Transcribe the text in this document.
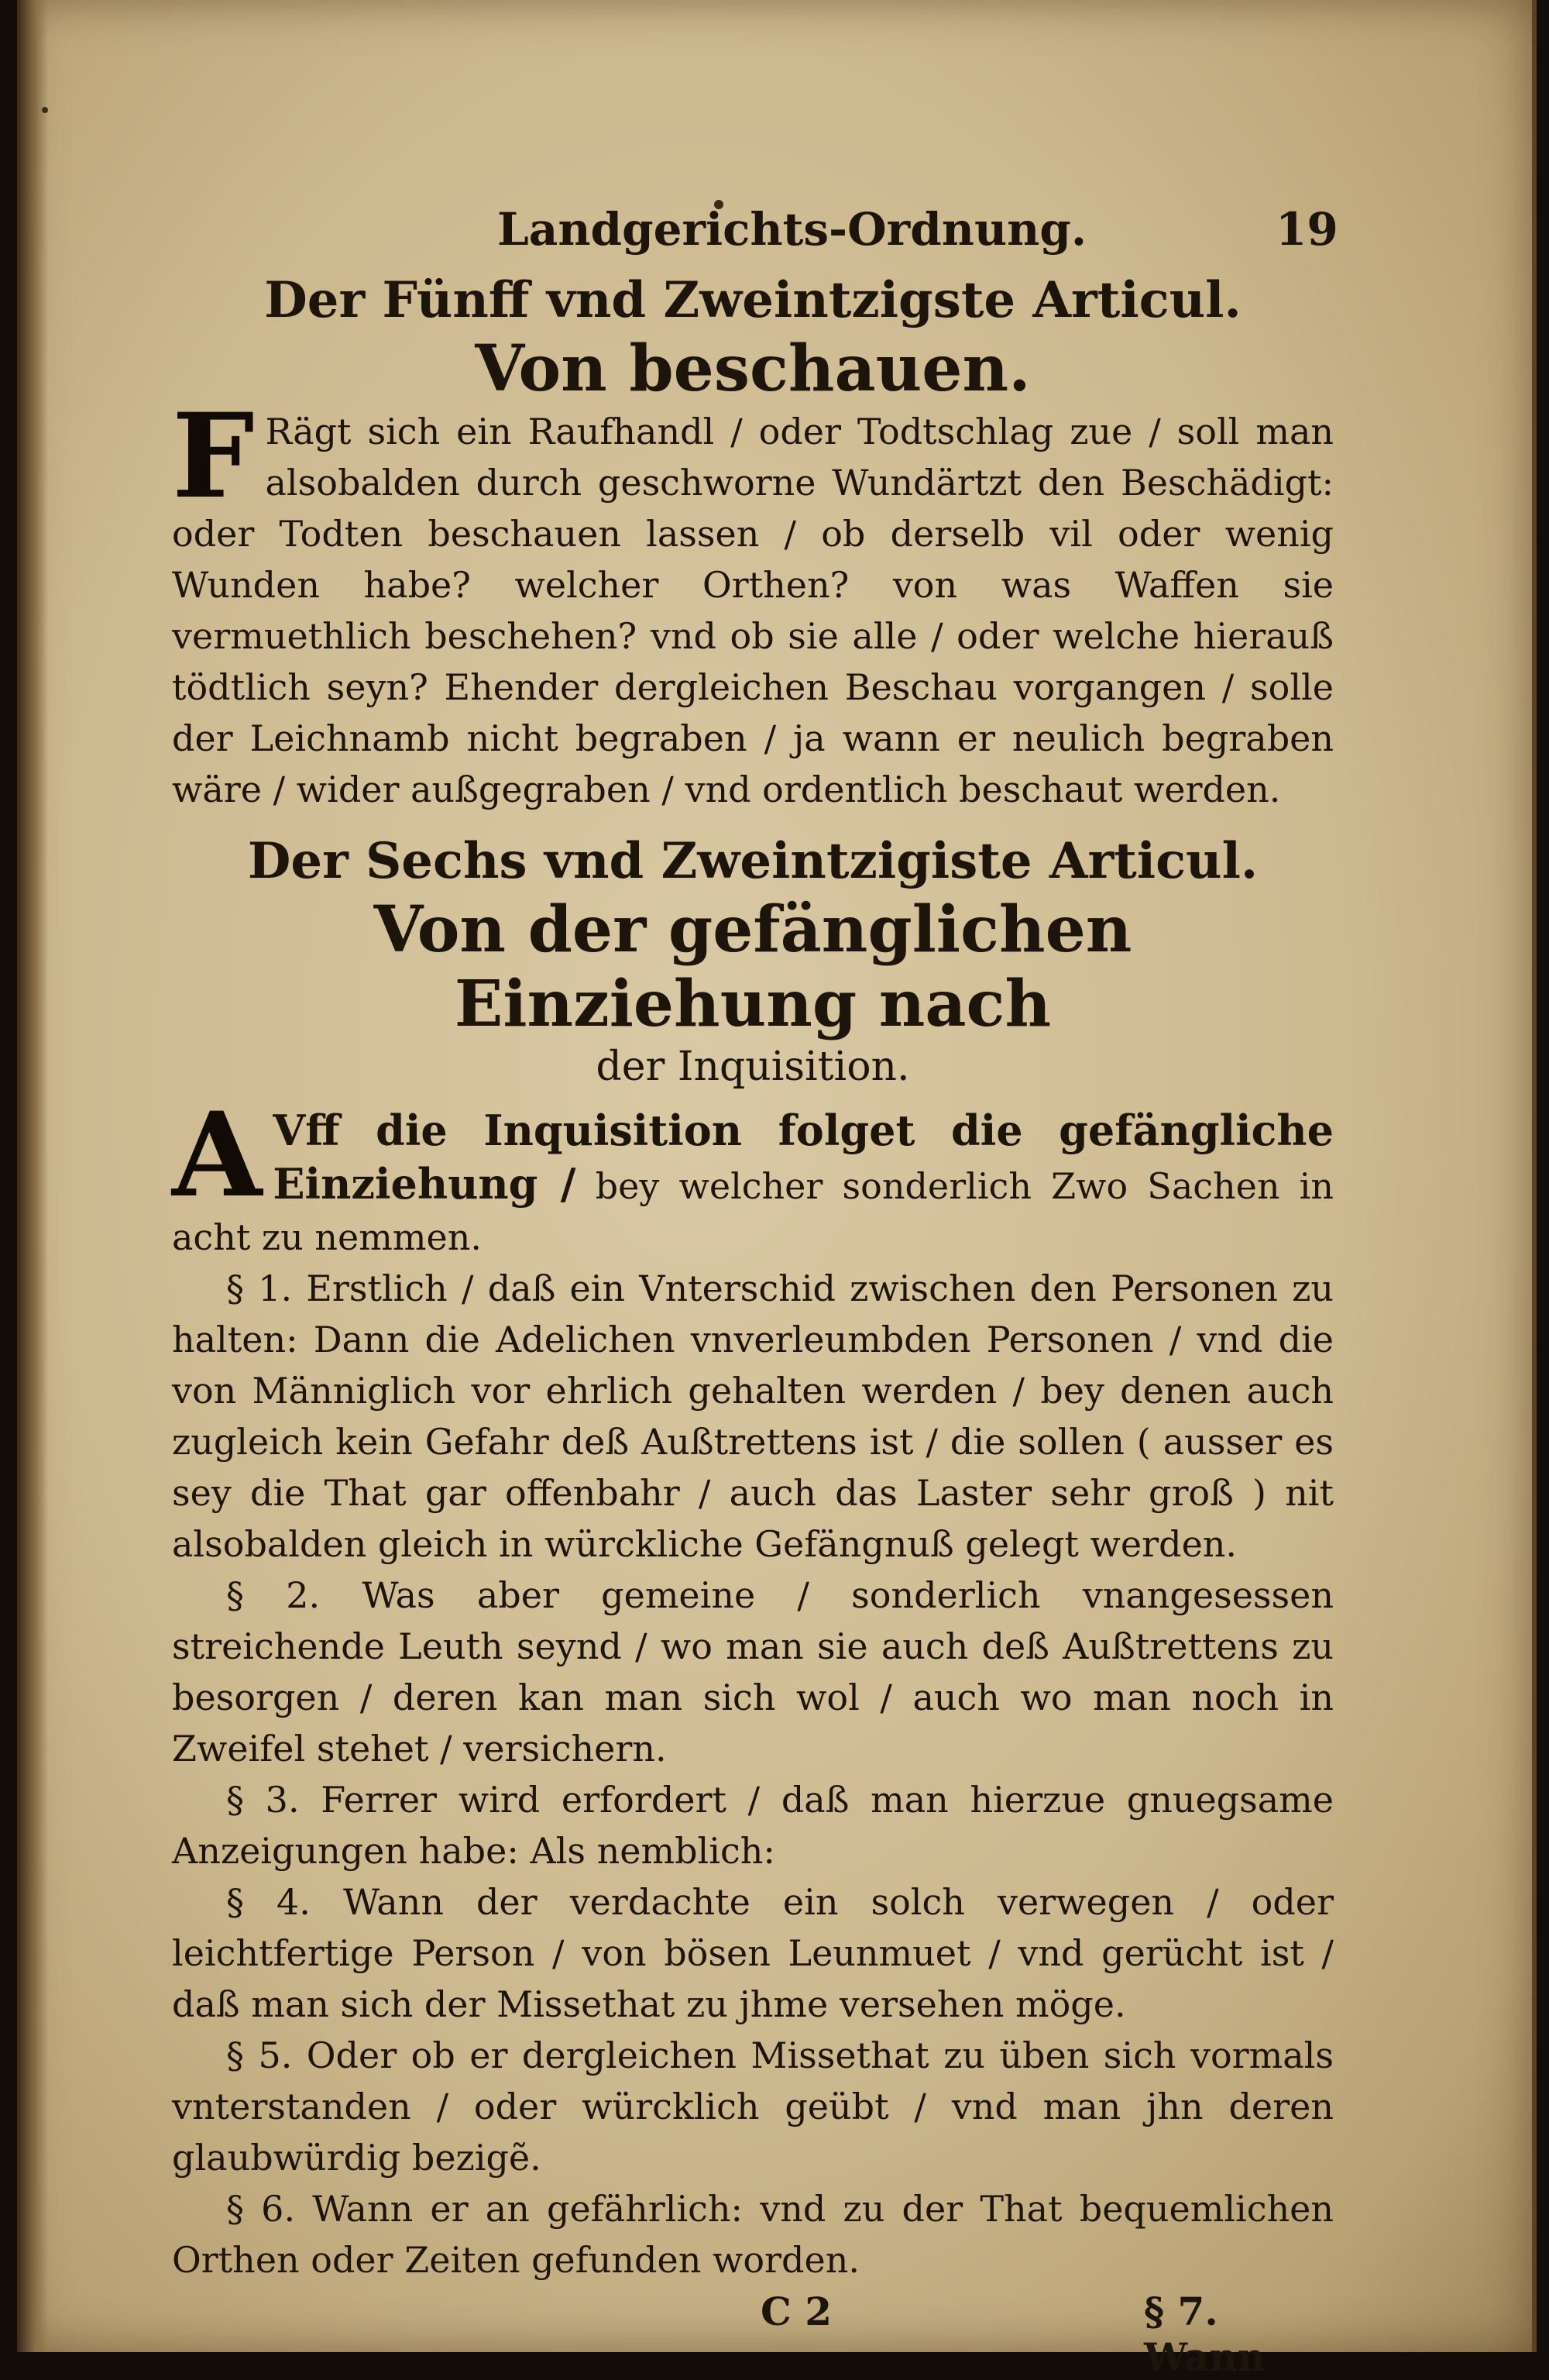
Landgerichts-Ordnung.	19
Der Fünff vnd Zweintzigste Articul.
Von beschauen.

F Rägt sich ein Raufhandl / oder Todtschlag zue / soll man alsobalden durch geschworne Wundärtzt den Beschädigt: oder Todten beschauen lassen / ob derselb vil oder wenig Wunden habe? welcher Orthen? von was Waffen sie vermuethlich beschehen? vnd ob sie alle / oder welche hierauß tödtlich seyn? Ehender dergleichen Beschau vorgangen / solle der Leichnamb nicht begraben / ja wann er neulich begraben wäre / wider außgegraben / vnd ordentlich beschaut werden.

Der Sechs vnd Zweintzigiste Articul.
Von der gefänglichen Einziehung nach
der Inquisition.

A Vff die Inquisition folget die gefängliche Einziehung / bey welcher sonderlich Zwo Sachen in acht zu nemmen.

§ 1. Erstlich / daß ein Vnterschid zwischen den Personen zu halten: Dann die Adelichen vnverleumbden Personen / vnd die von Männiglich vor ehrlich gehalten werden / bey denen auch zugleich kein Gefahr deß Außtrettens ist / die sollen ( ausser es sey die That gar offenbahr / auch das Laster sehr groß ) nit alsobalden gleich in würckliche Gefängnuß gelegt werden.

§ 2. Was aber gemeine / sonderlich vnangesessen streichende Leuth seynd / wo man sie auch deß Außtrettens zu besorgen / deren kan man sich wol / auch wo man noch in Zweifel stehet / versichern.

§ 3. Ferrer wird erfordert / daß man hierzue gnuegsame Anzeigungen habe: Als nemblich:

§ 4. Wann der verdachte ein solch verwegen / oder leichtfertige Person / von bösen Leunmuet / vnd gerücht ist / daß man sich der Missethat zu jhme versehen möge.

§ 5. Oder ob er dergleichen Missethat zu üben sich vormals vnterstanden / oder würcklich geübt / vnd man jhn deren glaubwürdig bezigẽ.

§ 6. Wann er an gefährlich: vnd zu der That bequemlichen Orthen oder Zeiten gefunden worden.

C 2	§ 7. Wann
